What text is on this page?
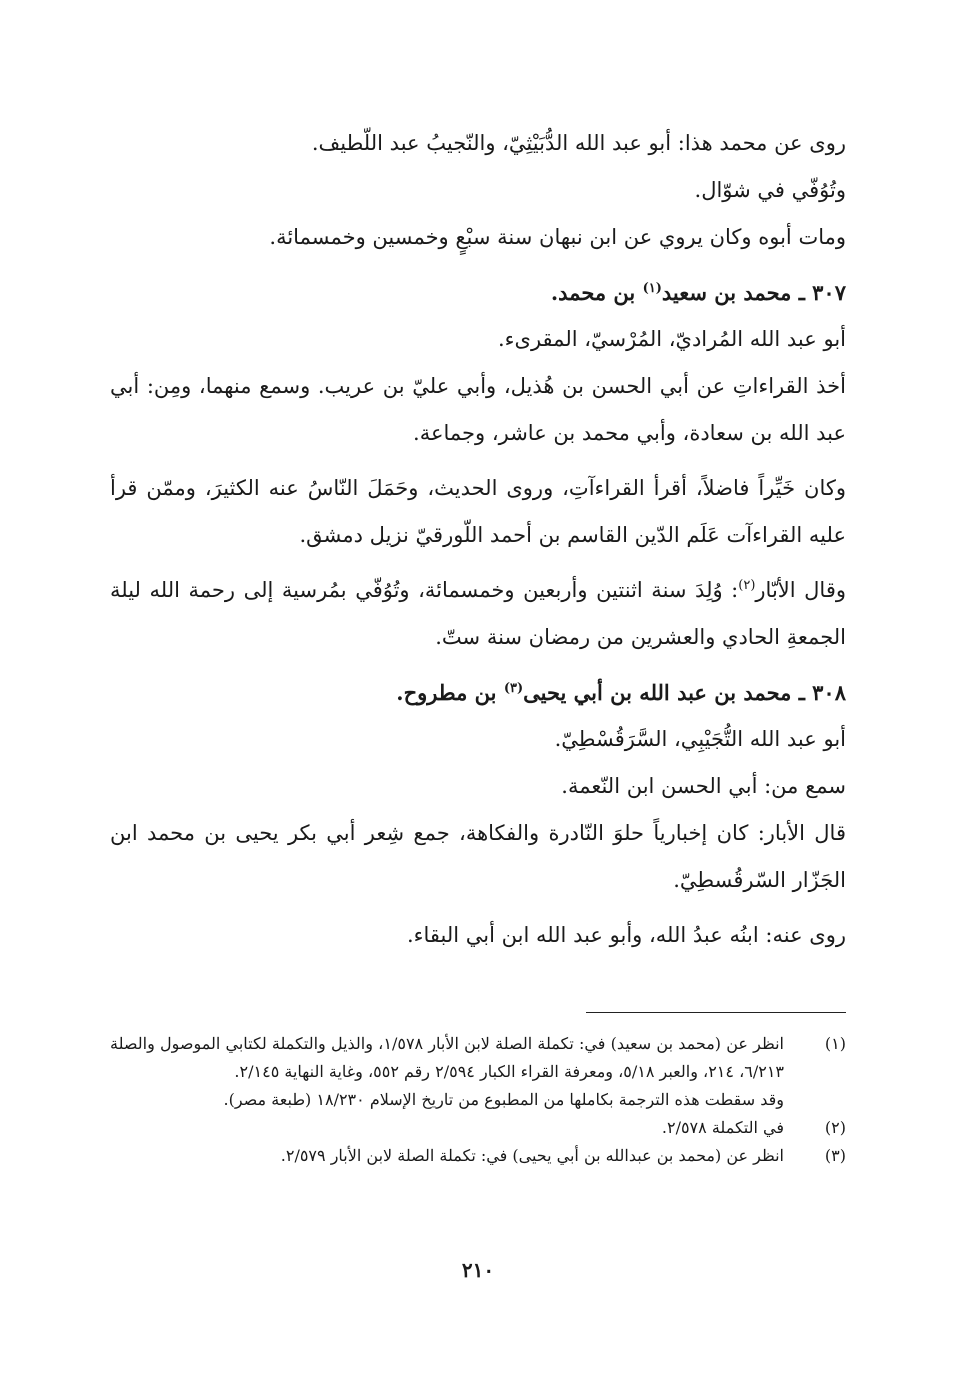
روى عن محمد هذا: أبو عبد الله الدُّبَيْثِيّ، والنّجيبُ عبد اللّطيف.

وتُوُفّي في شوّال.

ومات أبوه وكان يروي عن ابن نبهان سنة سبْعٍ وخمسين وخمسمائة.

٣٠٧ ـ محمد بن سعيد$^{(١)}$ بن محمد.

أبو عبد الله المُراديّ، المُرْسيّ، المقرىء.

أخذ القراءاتِ عن أبي الحسن بن هُذيل، وأبي عليّ بن عريب. وسمع منهما، ومِن: أبي عبد الله بن سعادة، وأبي محمد بن عاشر، وجماعة.

وكان خَيِّراً فاضلاً، أقرأ القراءآتِ، وروى الحديث، وحَمَلَ النّاسُ عنه الكثيرَ، وممّن قرأ عليه القراءآت عَلَم الدّين القاسم بن أحمد اللّورقيّ نزيل دمشق.

وقال الأبّار$^{(٢)}$: وُلِدَ سنة اثنتين وأربعين وخمسمائة، وتُوُفّي بمُرسية إلى رحمة الله ليلة الجمعةِ الحادي والعشرين من رمضان سنة ستّ.

٣٠٨ ـ محمد بن عبد الله بن أبي يحيى$^{(٣)}$ بن مطروح.

أبو عبد الله التُّجَيْبِي، السَّرَقُسْطِيّ.

سمع من: أبي الحسن ابن النّعمة.

قال الأبار: كان إخبارياً حلوَ النّادرة والفكاهة، جمع شِعر أبي بكر يحيى بن محمد ابن الجَزّار السّرقُسطِيّ.

روى عنه: ابنُه عبدُ الله، وأبو عبد الله ابن أبي البقاء.

(١)
انظر عن (محمد بن سعيد) في: تكملة الصلة لابن الأبار ١/٥٧٨، والذيل والتكملة لكتابي الموصول والصلة ٦/٢١٣، ٢١٤، والعبر ٥/١٨، ومعرفة القراء الكبار ٢/٥٩٤ رقم ٥٥٢، وغاية النهاية ٢/١٤٥.
وقد سقطت هذه الترجمة بكاملها من المطبوع من تاريخ الإسلام ١٨/٢٣٠ (طبعة مصر).
(٢)
في التكملة ٢/٥٧٨.
(٣)
انظر عن (محمد بن عبدالله بن أبي يحيى) في: تكملة الصلة لابن الأبار ٢/٥٧٩.
٢١٠
